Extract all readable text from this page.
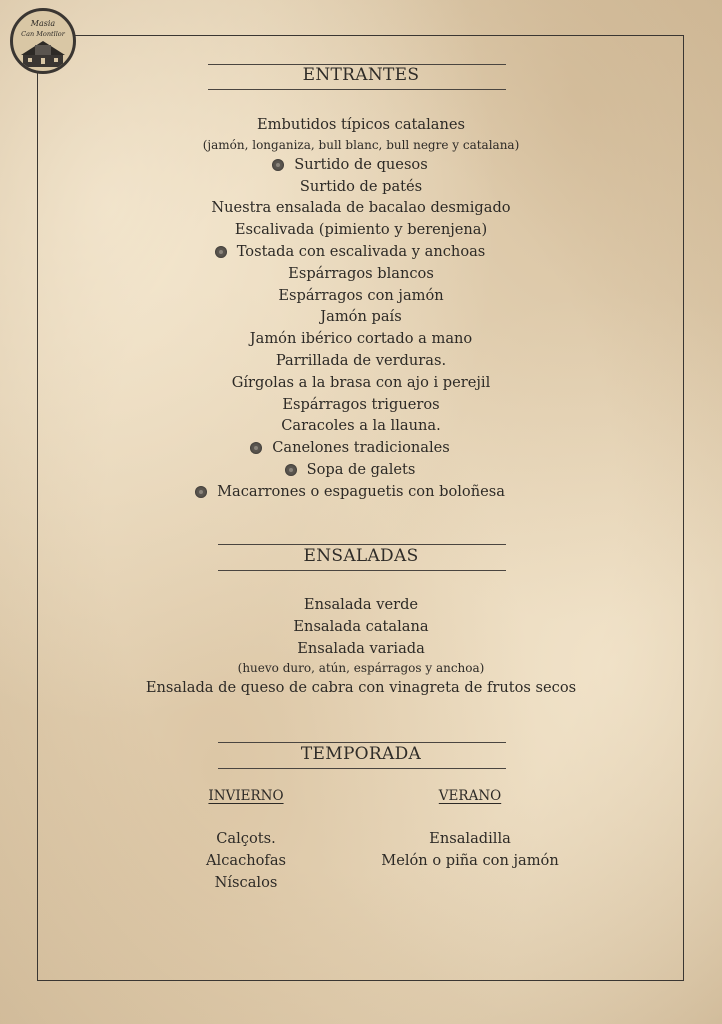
Masia
Can Montllor
ENTRANTES
Embutidos típicos catalanes
(jamón, longaniza, bull blanc, bull negre y catalana)
Surtido de quesos
Surtido de patés
Nuestra ensalada de bacalao desmigado
Escalivada (pimiento y berenjena)
Tostada con escalivada y anchoas
Espárragos blancos
Espárragos con jamón
Jamón país
Jamón ibérico cortado a mano
Parrillada de verduras.
Gírgolas a la brasa con ajo i perejil
Espárragos trigueros
Caracoles a la llauna.
Canelones tradicionales
Sopa de galets
Macarrones o espaguetis con boloñesa
ENSALADAS
Ensalada verde
Ensalada catalana
Ensalada variada
(huevo duro, atún, espárragos y anchoa)
Ensalada de queso de cabra con vinagreta de frutos secos
TEMPORADA
INVIERNO
Calçots.
Alcachofas
Níscalos
VERANO
Ensaladilla
Melón o piña con jamón
